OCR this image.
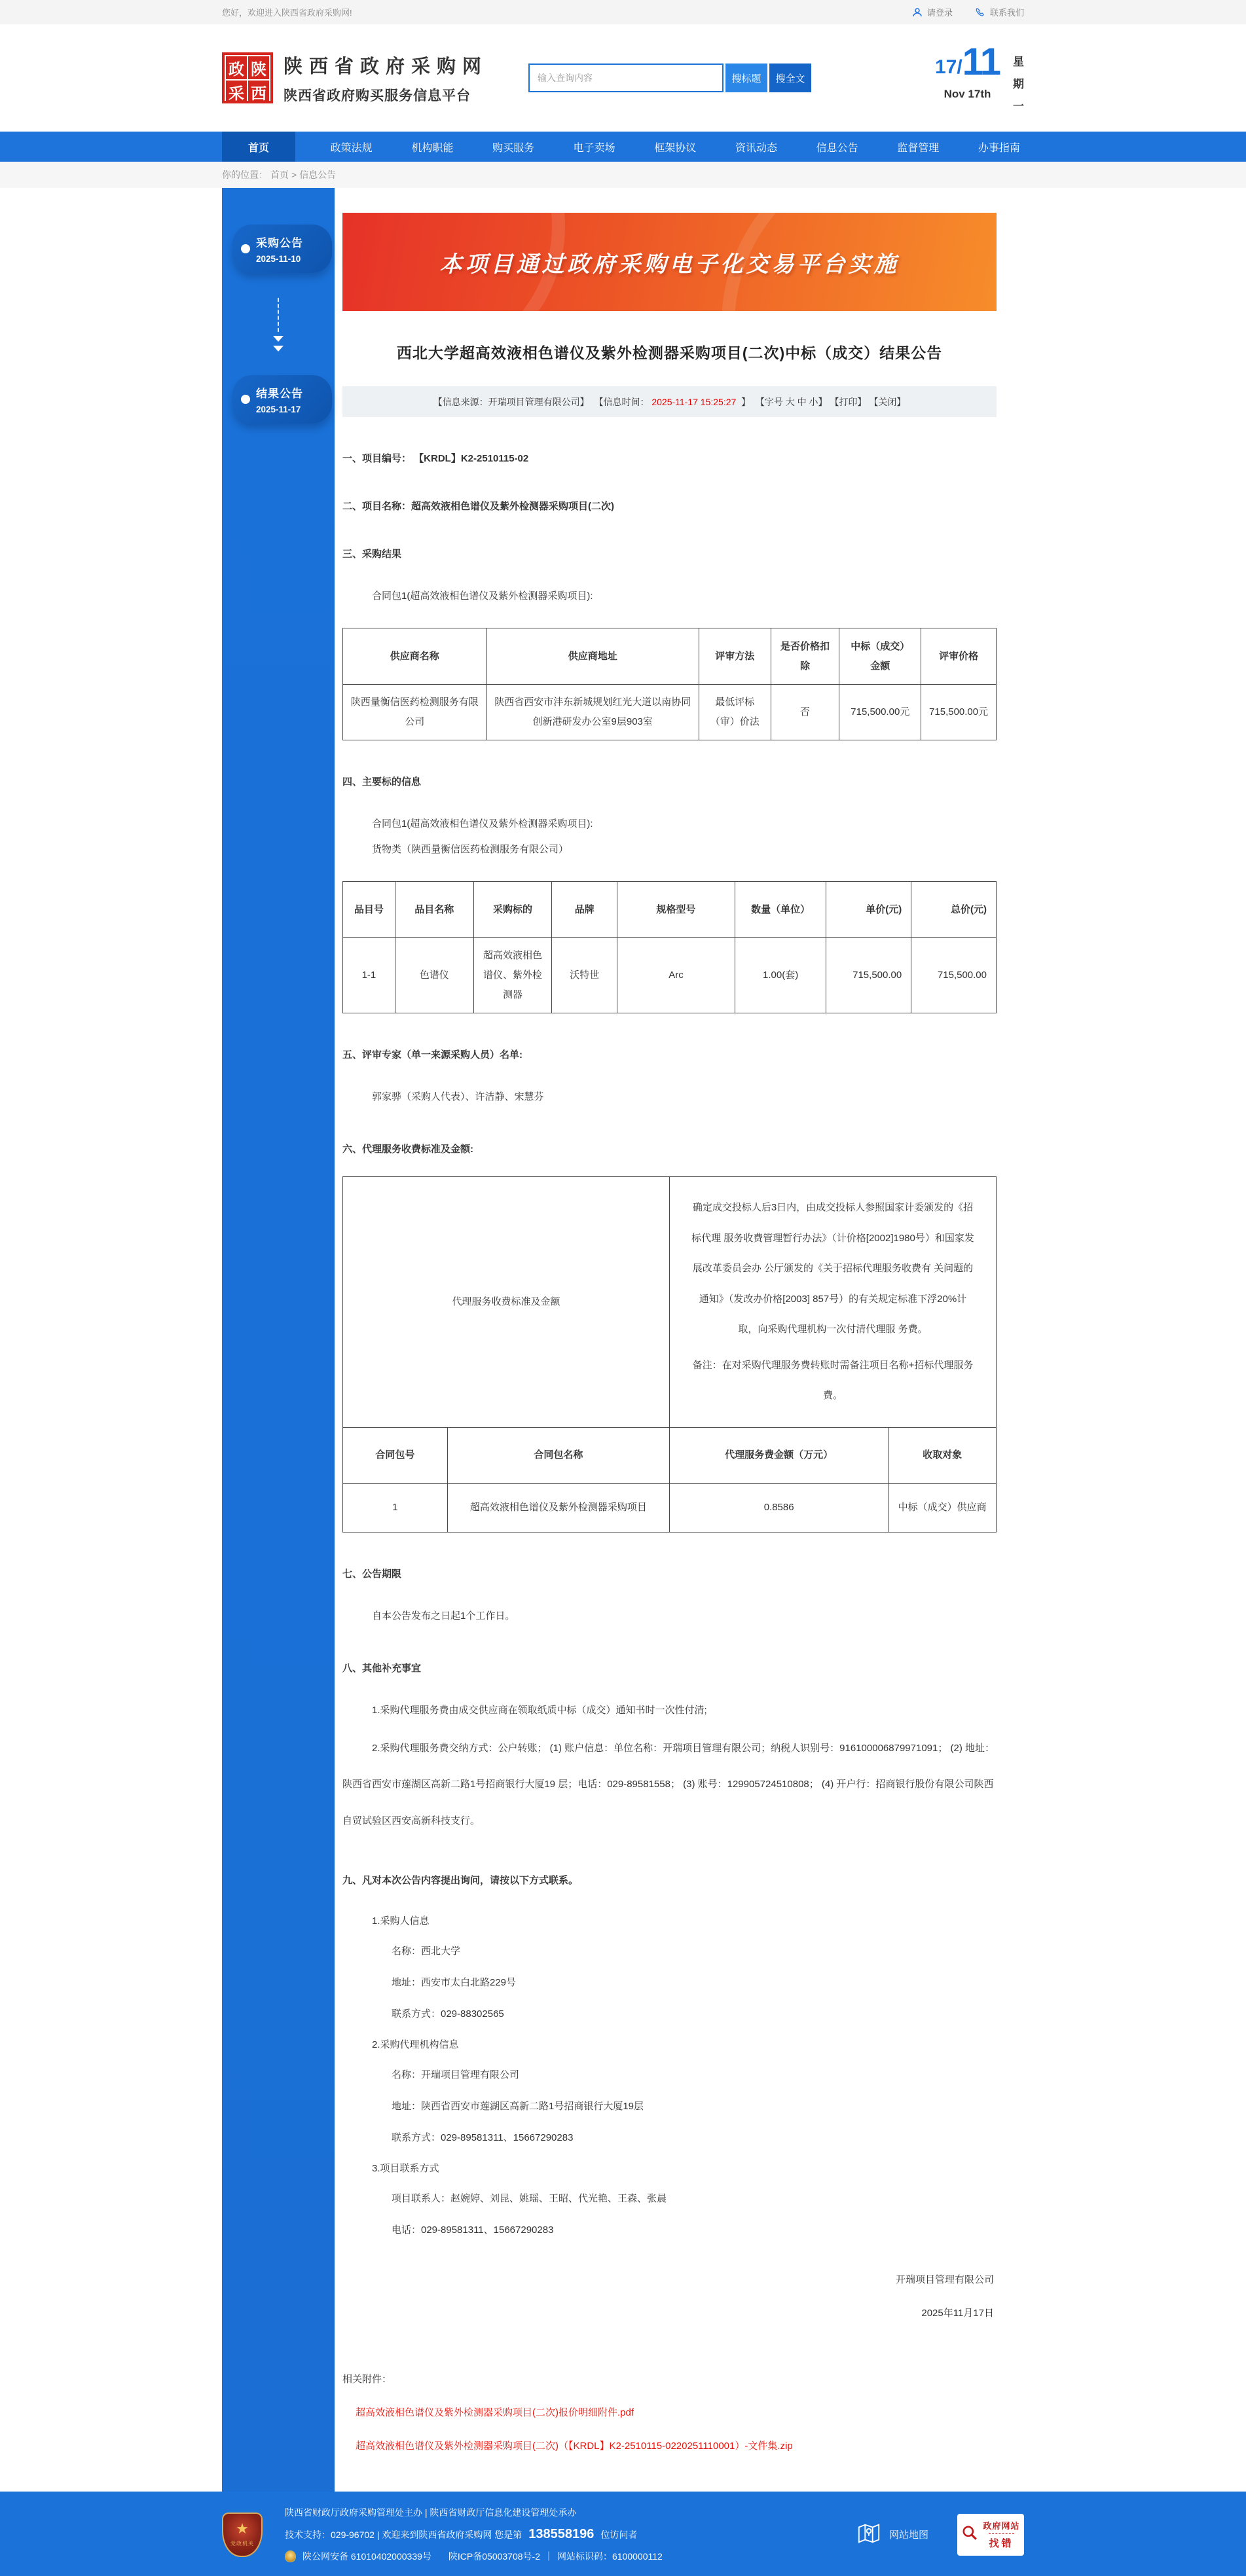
您好，欢迎进入陕西省政府采购网!	请登录	联系我们
政 陕
采 西
陕西省政府采购网
陕西省政府购买服务信息平台
输入查询内容
搜标题	搜全文
17/ 11
Nov 17th
星
期
一
首页	政策法规	机构职能	购买服务	电子卖场	框架协议	资讯动态	信息公告	监督管理	办事指南
你的位置： 首页 > 信息公告
采购公告
2025-11-10
结果公告
2025-11-17
本项目通过政府采购电子化交易平台实施
西北大学超高效液相色谱仪及紫外检测器采购项目(二次)中标（成交）结果公告
【信息来源：开瑞项目管理有限公司】 【信息时间： 2025-11-17 15:25:27 】 【字号 大 中 小 】 【打印】 【关闭】
一、项目编号： 【KRDL】K2-2510115-02
二、项目名称：超高效液相色谱仪及紫外检测器采购项目(二次)
三、采购结果
合同包1(超高效液相色谱仪及紫外检测器采购项目):
供应商名称	供应商地址	评审方法	是否价格扣除	中标（成交）金额	评审价格
陕西量衡信医药检测服务有限公司	陕西省西安市沣东新城规划红光大道以南协同创新港研发办公室9层903室	最低评标（审）价法	否	715,500.00元	715,500.00元
四、主要标的信息
合同包1(超高效液相色谱仪及紫外检测器采购项目):
货物类（陕西量衡信医药检测服务有限公司）
品目号	品目名称	采购标的	品牌	规格型号	数量（单位）	单价(元)	总价(元)
1-1	色谱仪	超高效液相色谱仪、紫外检测器	沃特世	Arc	1.00(套)	715,500.00	715,500.00
五、评审专家（单一来源采购人员）名单:
郭家骅（采购人代表）、许洁静、宋慧芬
六、代理服务收费标准及金额:
代理服务收费标准及金额	
确定成交投标人后3日内，由成交投标人参照国家计委颁发的《招标代理 服务收费管理暂行办法》（计价格[2002]1980号）和国家发展改革委员会办 公厅颁发的《关于招标代理服务收费有 关问题的通知》（发改办价格[2003] 857号）的有关规定标准下浮20%计取，向采购代理机构一次付清代理服 务费。
备注：在对采购代理服务费转账时需备注项目名称+招标代理服务费。
合同包号	合同包名称	代理服务费金额（万元）	收取对象
1	超高效液相色谱仪及紫外检测器采购项目	0.8586	中标（成交）供应商
七、公告期限
自本公告发布之日起1个工作日。
八、其他补充事宜
1.采购代理服务费由成交供应商在领取纸质中标（成交）通知书时一次性付清;
2.采购代理服务费交纳方式：公户转账； (1) 账户信息：单位名称：开瑞项目管理有限公司；纳税人识别号：916100006879971091； (2) 地址：陕西省西安市莲湖区高新二路1号招商银行大厦19 层；电话：029-89581558； (3) 账号：129905724510808； (4) 开户行：招商银行股份有限公司陕西自贸试验区西安高新科技支行。
九、凡对本次公告内容提出询问，请按以下方式联系。
1.采购人信息
名称：西北大学
地址：西安市太白北路229号
联系方式：029-88302565
2.采购代理机构信息
名称：开瑞项目管理有限公司
地址：陕西省西安市莲湖区高新二路1号招商银行大厦19层
联系方式：029-89581311、15667290283
3.项目联系方式
项目联系人：赵婉婷、刘昆、姚瑶、王昭、代光艳、王森、张晨
电话：029-89581311、15667290283
开瑞项目管理有限公司
2025年11月17日
相关附件：
超高效液相色谱仪及紫外检测器采购项目(二次)报价明细附件.pdf
超高效液相色谱仪及紫外检测器采购项目(二次)（【KRDL】K2-2510115-0220251110001）-文件集.zip
★
党政机关
陕西省财政厅政府采购管理处主办 | 陕西省财政厅信息化建设管理处承办
技术支持：029-96702 | 欢迎来到陕西省政府采购网 您是第 138558196 位访问者
陕公网安备 61010402000339号 陕ICP备05003708号-2 ｜ 网站标识码：6100000112
网站地图
政府网站
找错
